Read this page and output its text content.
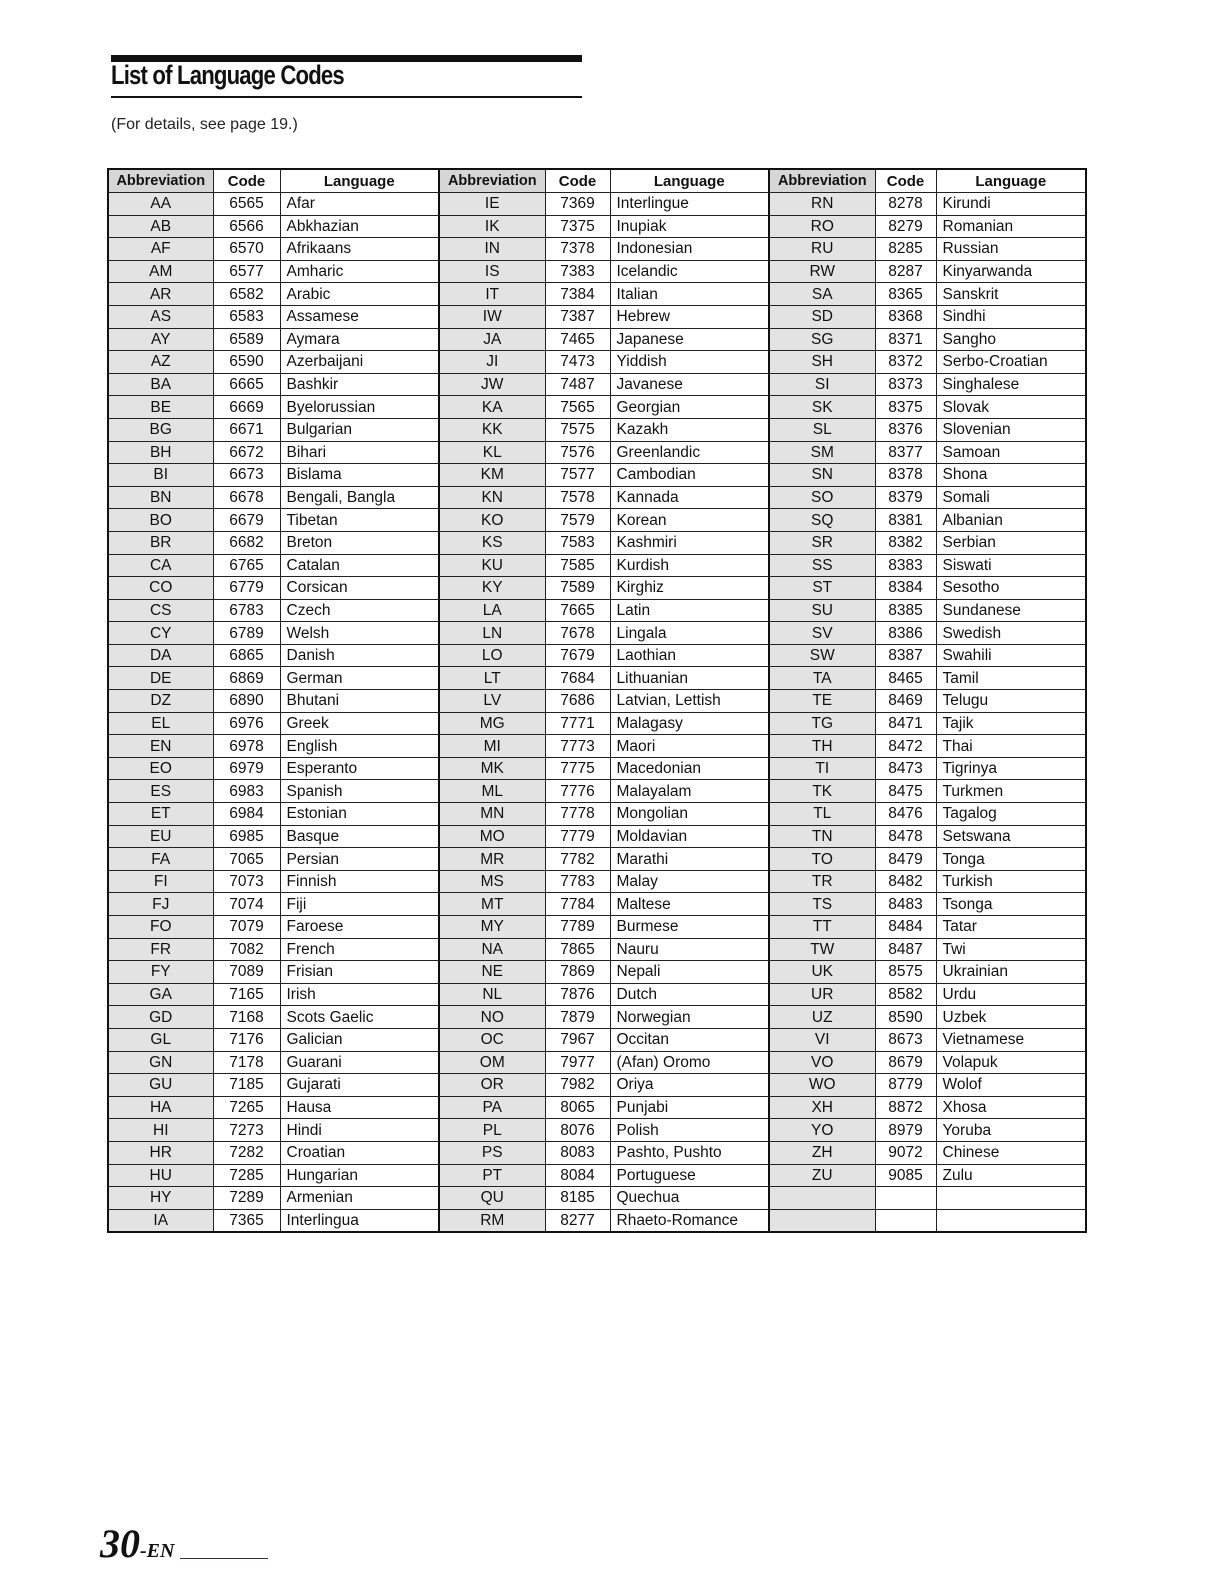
List of Language Codes
(For details, see page 19.)
Abbreviation	Code	Language	Abbreviation	Code	Language	Abbreviation	Code	Language
AA	6565	Afar	IE	7369	Interlingue	RN	8278	Kirundi
AB	6566	Abkhazian	IK	7375	Inupiak	RO	8279	Romanian
AF	6570	Afrikaans	IN	7378	Indonesian	RU	8285	Russian
AM	6577	Amharic	IS	7383	Icelandic	RW	8287	Kinyarwanda
AR	6582	Arabic	IT	7384	Italian	SA	8365	Sanskrit
AS	6583	Assamese	IW	7387	Hebrew	SD	8368	Sindhi
AY	6589	Aymara	JA	7465	Japanese	SG	8371	Sangho
AZ	6590	Azerbaijani	JI	7473	Yiddish	SH	8372	Serbo-Croatian
BA	6665	Bashkir	JW	7487	Javanese	SI	8373	Singhalese
BE	6669	Byelorussian	KA	7565	Georgian	SK	8375	Slovak
BG	6671	Bulgarian	KK	7575	Kazakh	SL	8376	Slovenian
BH	6672	Bihari	KL	7576	Greenlandic	SM	8377	Samoan
BI	6673	Bislama	KM	7577	Cambodian	SN	8378	Shona
BN	6678	Bengali, Bangla	KN	7578	Kannada	SO	8379	Somali
BO	6679	Tibetan	KO	7579	Korean	SQ	8381	Albanian
BR	6682	Breton	KS	7583	Kashmiri	SR	8382	Serbian
CA	6765	Catalan	KU	7585	Kurdish	SS	8383	Siswati
CO	6779	Corsican	KY	7589	Kirghiz	ST	8384	Sesotho
CS	6783	Czech	LA	7665	Latin	SU	8385	Sundanese
CY	6789	Welsh	LN	7678	Lingala	SV	8386	Swedish
DA	6865	Danish	LO	7679	Laothian	SW	8387	Swahili
DE	6869	German	LT	7684	Lithuanian	TA	8465	Tamil
DZ	6890	Bhutani	LV	7686	Latvian, Lettish	TE	8469	Telugu
EL	6976	Greek	MG	7771	Malagasy	TG	8471	Tajik
EN	6978	English	MI	7773	Maori	TH	8472	Thai
EO	6979	Esperanto	MK	7775	Macedonian	TI	8473	Tigrinya
ES	6983	Spanish	ML	7776	Malayalam	TK	8475	Turkmen
ET	6984	Estonian	MN	7778	Mongolian	TL	8476	Tagalog
EU	6985	Basque	MO	7779	Moldavian	TN	8478	Setswana
FA	7065	Persian	MR	7782	Marathi	TO	8479	Tonga
FI	7073	Finnish	MS	7783	Malay	TR	8482	Turkish
FJ	7074	Fiji	MT	7784	Maltese	TS	8483	Tsonga
FO	7079	Faroese	MY	7789	Burmese	TT	8484	Tatar
FR	7082	French	NA	7865	Nauru	TW	8487	Twi
FY	7089	Frisian	NE	7869	Nepali	UK	8575	Ukrainian
GA	7165	Irish	NL	7876	Dutch	UR	8582	Urdu
GD	7168	Scots Gaelic	NO	7879	Norwegian	UZ	8590	Uzbek
GL	7176	Galician	OC	7967	Occitan	VI	8673	Vietnamese
GN	7178	Guarani	OM	7977	(Afan) Oromo	VO	8679	Volapuk
GU	7185	Gujarati	OR	7982	Oriya	WO	8779	Wolof
HA	7265	Hausa	PA	8065	Punjabi	XH	8872	Xhosa
HI	7273	Hindi	PL	8076	Polish	YO	8979	Yoruba
HR	7282	Croatian	PS	8083	Pashto, Pushto	ZH	9072	Chinese
HU	7285	Hungarian	PT	8084	Portuguese	ZU	9085	Zulu
HY	7289	Armenian	QU	8185	Quechua			
IA	7365	Interlingua	RM	8277	Rhaeto-Romance			
30-EN
